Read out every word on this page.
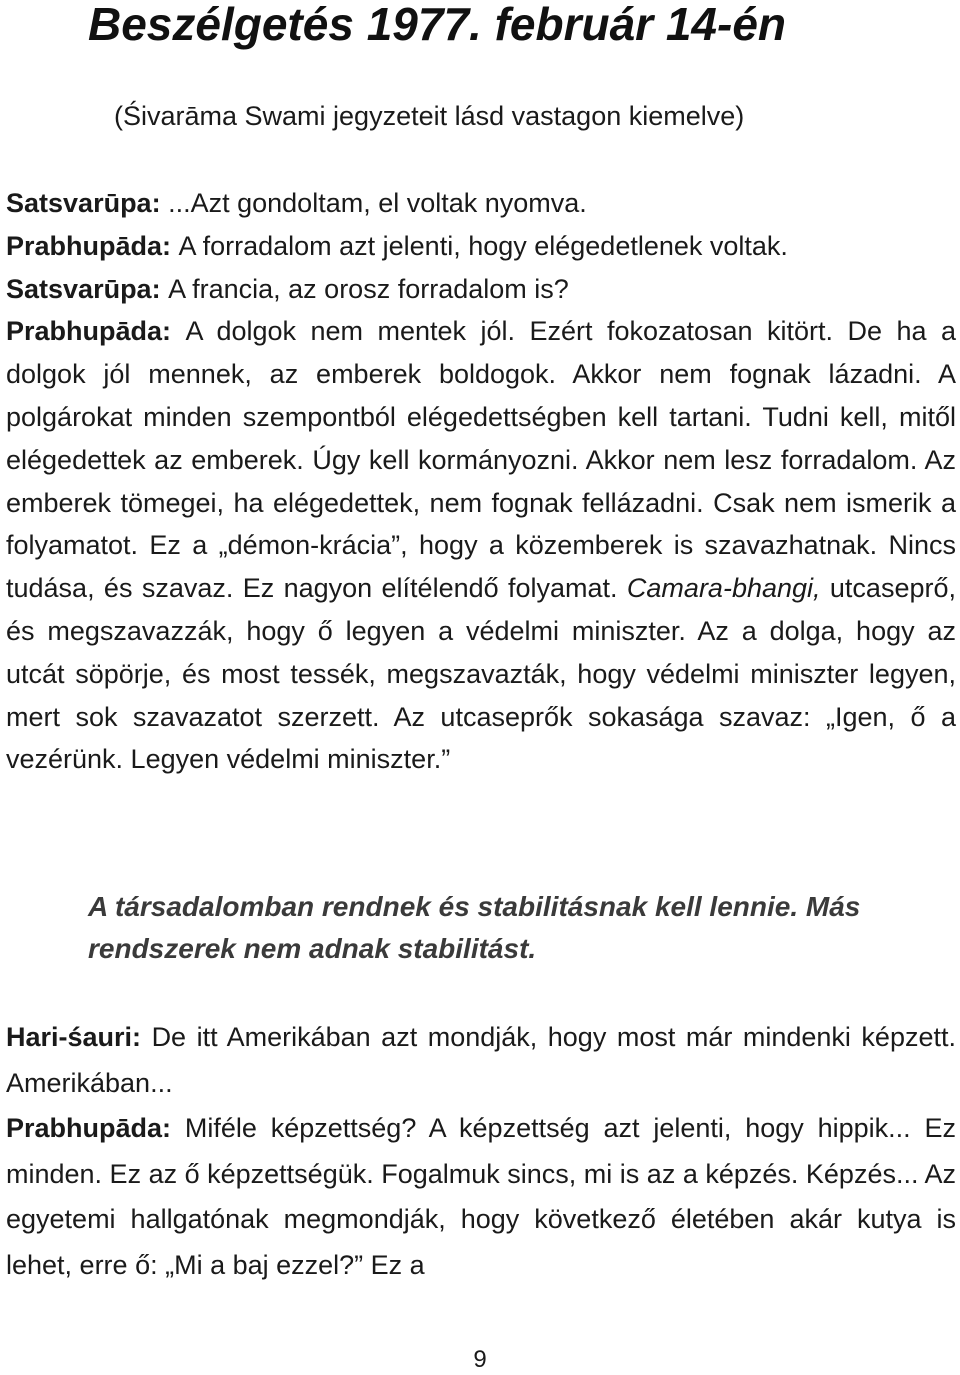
Beszélgetés 1977. február 14-én

(Śivarāma Swami jegyzeteit lásd vastagon kiemelve)

Satsvarūpa: ...Azt gondoltam, el voltak nyomva.

Prabhupāda: A forradalom azt jelenti, hogy elégedetlenek voltak.

Satsvarūpa: A francia, az orosz forradalom is?

Prabhupāda: A dolgok nem mentek jól. Ezért fokozatosan kitört. De ha a dolgok jól mennek, az emberek boldogok. Akkor nem fognak lázadni. A polgárokat minden szempontból elégedettségben kell tartani. Tudni kell, mitől elégedettek az emberek. Úgy kell kormányozni. Akkor nem lesz forradalom. Az emberek tömegei, ha elégedettek, nem fognak fellázadni. Csak nem ismerik a folyamatot. Ez a „démon-krácia”, hogy a közemberek is szavazhatnak. Nincs tudása, és szavaz. Ez nagyon elítélendő folyamat. Camara-bhangi, utcaseprő, és megszavazzák, hogy ő legyen a védelmi miniszter. Az a dolga, hogy az utcát söpörje, és most tessék, megszavazták, hogy védelmi miniszter legyen, mert sok szavazatot szerzett. Az utcaseprők sokasága szavaz: „Igen, ő a vezérünk. Legyen védelmi miniszter.”

A társadalomban rendnek és stabilitásnak kell lennie. Más rendszerek nem adnak stabilitást.

Hari-śauri: De itt Amerikában azt mondják, hogy most már mindenki képzett. Amerikában...

Prabhupāda: Miféle képzettség? A képzettség azt jelenti, hogy hippik... Ez minden. Ez az ő képzettségük. Fogalmuk sincs, mi is az a képzés. Képzés... Az egyetemi hallgatónak megmondják, hogy következő életében akár kutya is lehet, erre ő: „Mi a baj ezzel?” Ez a

9
